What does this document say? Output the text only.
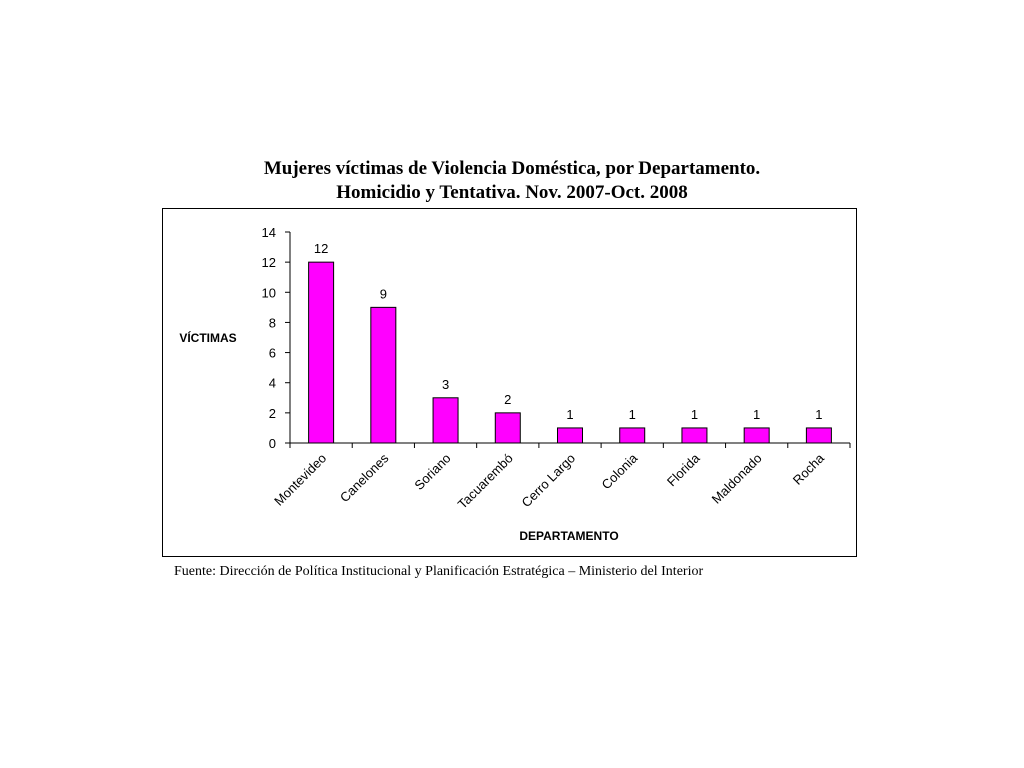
Mujeres víctimas de Violencia Doméstica, por Departamento.
Homicidio y Tentativa. Nov. 2007-Oct. 2008
0
2
4
6
8
10
12
14
12
Montevideo
9
Canelones
3
Soriano
2
Tacuarembó
1
Cerro Largo
1
Colonia
1
Florida
1
Maldonado
1
Rocha
VÍCTIMAS
DEPARTAMENTO
Fuente: Dirección de Política Institucional y Planificación Estratégica – Ministerio del Interior
